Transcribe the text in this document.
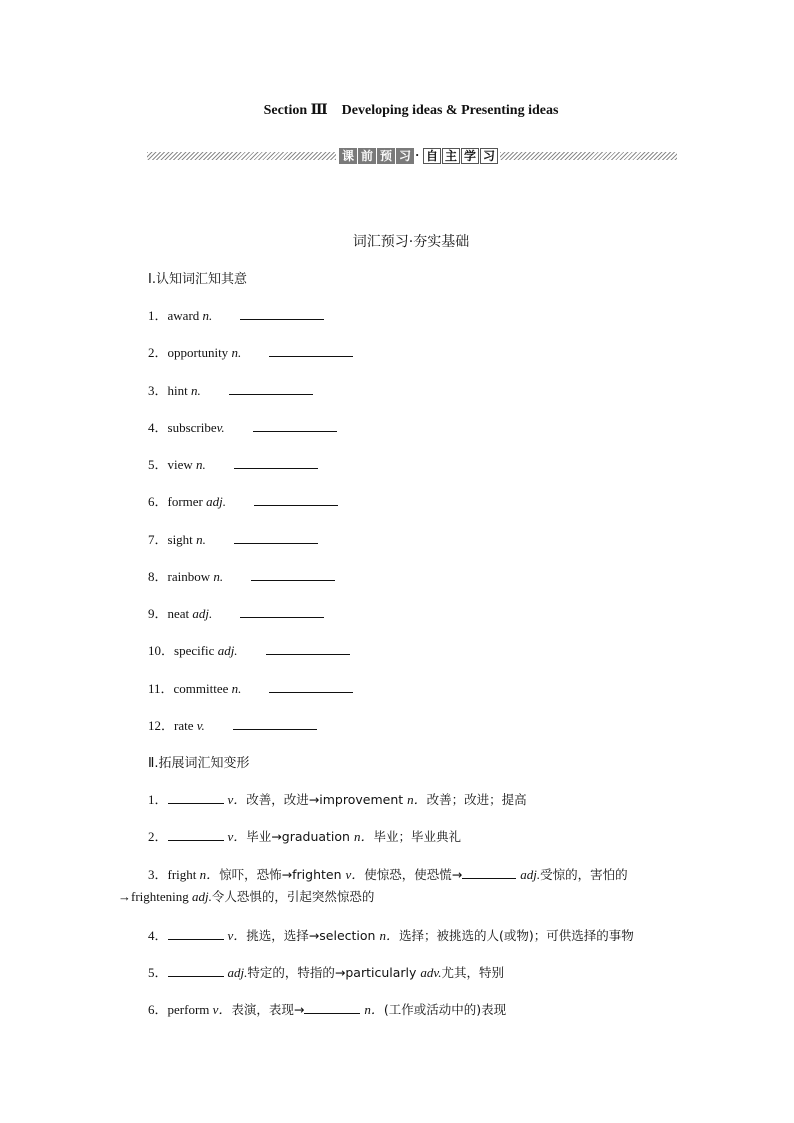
Section Ⅲ　Developing ideas & Presenting ideas
课 前 预 习 · 自 主 学 习
词汇预习·夯实基础
Ⅰ.认知词汇知其意
1．award n.
2．opportunity n.
3．hint n.
4．subscribev.
5．view n.
6．former adj.
7．sight n.
8．rainbow n.
9．neat adj.
10．specific adj.
11．committee n.
12．rate v.
Ⅱ.拓展词汇知变形
1．	v．改善，改进→improvement n．改善；改进；提高
2．	v．毕业→graduation n．毕业；毕业典礼
3．fright n．惊吓，恐怖→frighten v．使惊恐，使恐慌→	adj.受惊的，害怕的
→frightening adj.令人恐惧的，引起突然惊恐的
4．	v．挑选，选择→selection n．选择；被挑选的人(或物)；可供选择的事物
5．	adj.特定的，特指的→particularly adv.尤其，特别
6．perform v．表演，表现→	n．(工作或活动中的)表现
